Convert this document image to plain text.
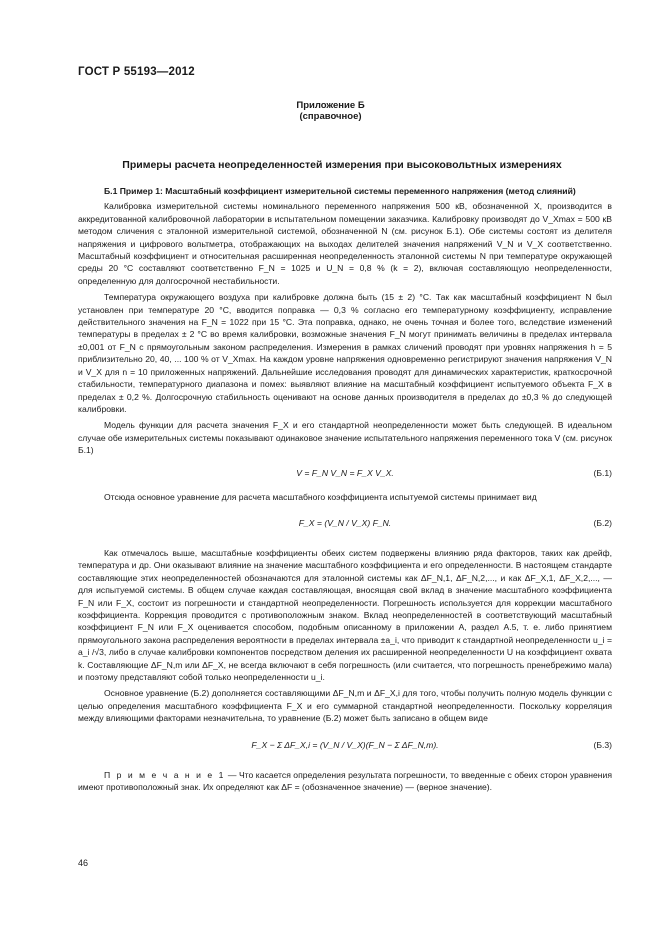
ГОСТ Р 55193—2012
Приложение Б
(справочное)
Примеры расчета неопределенностей измерения при высоковольтных измерениях
Б.1 Пример 1: Масштабный коэффициент измерительной системы переменного напряжения (метод слияний)

Калибровка измерительной системы номинального переменного напряжения 500 кВ, обозначенной X, производится в аккредитованной калибровочной лаборатории в испытательном помещении заказчика. Калибровку производят до V_Xmax = 500 кВ методом сличения с эталонной измерительной системой, обозначенной N (см. рисунок Б.1). Обе системы состоят из делителя напряжения и цифрового вольтметра, отображающих на выходах делителей значения напряжений V_N и V_X соответственно. Масштабный коэффициент и относительная расширенная неопределенность эталонной системы N при температуре окружающей среды 20 °С составляют соответственно F_N = 1025 и U_N = 0,8 % (k = 2), включая составляющую неопределенности, определенную для долгосрочной нестабильности.

Температура окружающего воздуха при калибровке должна быть (15 ± 2) °С. Так как масштабный коэффициент N был установлен при температуре 20 °С, вводится поправка — 0,3 % согласно его температурному коэффициенту, исправление действительного значения на F_N = 1022 при 15 °С. Эта поправка, однако, не очень точная и более того, вследствие изменений температуры в пределах ± 2 °С во время калибровки, возможные значения F_N могут принимать величины в пределах интервала ±0,001 от F_N с прямоугольным законом распределения. Измерения в рамках сличений проводят при уровнях напряжения h = 5 приблизительно 20, 40, ... 100 % от V_Xmax. На каждом уровне напряжения одновременно регистрируют значения напряжения V_N и V_X для n = 10 приложенных напряжений. Дальнейшие исследования проводят для динамических характеристик, краткосрочной стабильности, температурного диапазона и помех: выявляют влияние на масштабный коэффициент испытуемого объекта F_X в пределах ± 0,2 %. Долгосрочную стабильность оценивают на основе данных производителя в пределах до ±0,3 % до следующей калибровки.

Модель функции для расчета значения F_X и его стандартной неопределенности может быть следующей. В идеальном случае обе измерительных системы показывают одинаковое значение испытательного напряжения переменного тока V (см. рисунок Б.1)

V = F_N V_N = F_X V_X.	(Б.1)

Отсюда основное уравнение для расчета масштабного коэффициента испытуемой системы принимает вид

F_X = (V_N / V_X) F_N.	(Б.2)

Как отмечалось выше, масштабные коэффициенты обеих систем подвержены влиянию ряда факторов, таких как дрейф, температура и др. Они оказывают влияние на значение масштабного коэффициента и его определенности. В настоящем стандарте составляющие этих неопределенностей обозначаются для эталонной системы как ΔF_N,1, ΔF_N,2,..., и как ΔF_X,1, ΔF_X,2,..., — для испытуемой системы. В общем случае каждая составляющая, вносящая свой вклад в значение масштабного коэффициента F_N или F_X, состоит из погрешности и стандартной неопределенности. Погрешность используется для коррекции масштабного коэффициента. Коррекция проводится с противоположным знаком. Вклад неопределенностей в соответствующий масштабный коэффициент F_N или F_X оценивается способом, подобным описанному в приложении А, раздел А.5, т. е. либо принятием прямоугольного закона распределения вероятности в пределах интервала ±a_i, что приводит к стандартной неопределенности u_i = a_i /√3, либо в случае калибровки компонентов посредством деления их расширенной неопределенности U на коэффициент охвата k. Составляющие ΔF_N,m или ΔF_X, не всегда включают в себя погрешность (или считается, что погрешность пренебрежимо мала) и поэтому представляют собой только неопределенности u_i.

Основное уравнение (Б.2) дополняется составляющими ΔF_N,m и ΔF_X,i для того, чтобы получить полную модель функции с целью определения масштабного коэффициента F_X и его суммарной стандартной неопределенности. Поскольку корреляция между влияющими факторами незначительна, то уравнение (Б.2) может быть записано в общем виде

F_X − Σ ΔF_X,i = (V_N / V_X)(F_N − Σ ΔF_N,m).	(Б.3)
П р и м е ч а н и е 1 — Что касается определения результата погрешности, то введенные с обеих сторон уравнения имеют противоположный знак. Их определяют как ΔF = (обозначенное значение) — (верное значение).
46
